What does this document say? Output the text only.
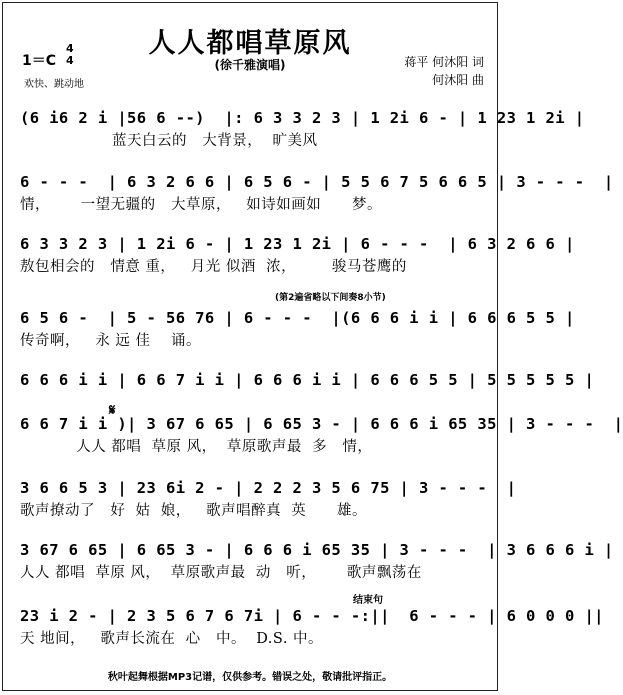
人人都唱草原风
(徐千雅演唱)
1＝C
4
4
欢快、跳动地
蒋平 何沐阳 词
何沐阳 曲
(6 i6 2 i |56 6 --)  |: 6 3 3 2 3 | 1 2i 6 - | 1 23 1 2i |
蓝天白云的   大背景，  旷美风
6 - - -  | 6 3 2 6 6 | 6 5 6 - | 5 5 6 7 5 6 6 5 | 3 - - -  |
情，      一望无疆的   大草原，   如诗如画如      梦。
6 3 3 2 3 | 1 2i 6 - | 1 23 1 2i | 6 - - -  | 6 3 2 6 6 |
敖包相会的   情意 重，   月光 似酒  浓，       骏马苍鹰的
(第2遍省略以下间奏8小节)
6 5 6 -  | 5 - 56 76 | 6 - - -  |(6 6 6 i i | 6 6 6 5 5 |
传奇啊，   永 远 佳    诵。
6 6 6 i i | 6 6 7 i i | 6 6 6 i i | 6 6 6 5 5 | 5 5 5 5 5 |
𝄋
6 6 7 i i )| 3 67 6 65 | 6 65 3 - | 6 6 6 i 65 35 | 3 - - -  |
人人 都唱  草原 风，  草原歌声最  多   情，
3 6 6 5 3 | 23 6i 2 - | 2 2 2 3 5 6 75 | 3 - - -  |
歌声撩动了   好  姑  娘，   歌声唱醉真  英      雄。
3 67 6 65 | 6 65 3 - | 6 6 6 i 65 35 | 3 - - -  | 3 6 6 6 i |
人人 都唱  草原 风，  草原歌声最  动   听，      歌声飘荡在
结束句
23 i 2 - | 2 3 5 6 7 6 7i | 6 - - -:||  6 - - - | 6 0 0 0 ||
天 地间，   歌声长流在  心   中。  D.S. 中。
秋叶起舞根据MP3记谱，仅供参考。错误之处，敬请批评指正。
